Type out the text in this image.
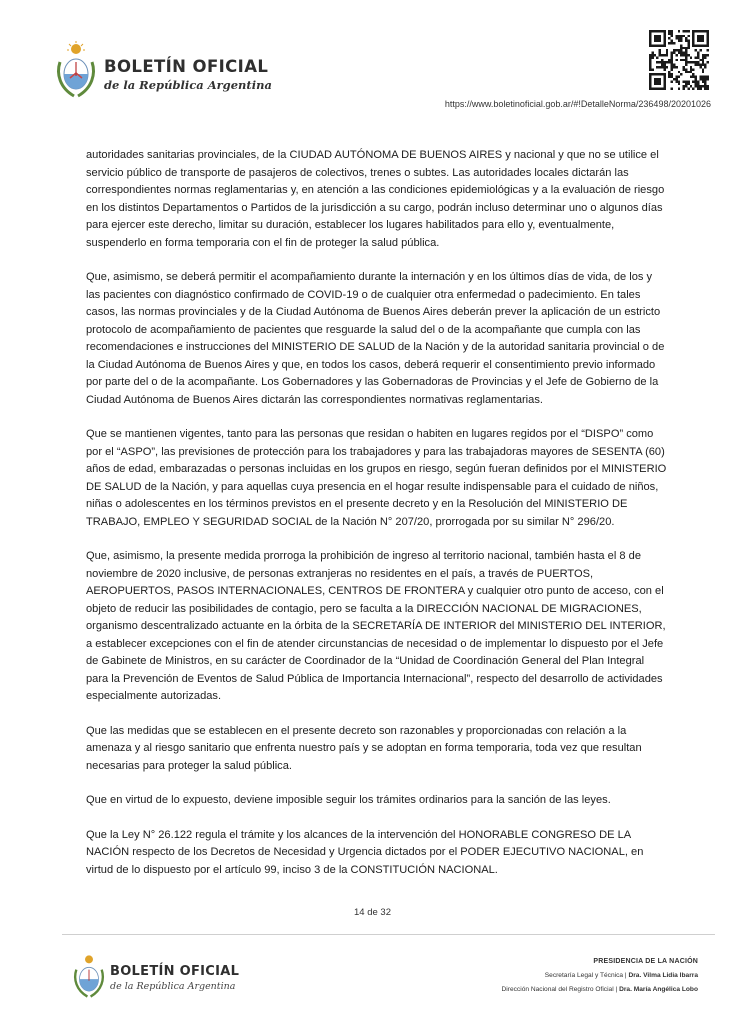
BOLETÍN OFICIAL
de la República Argentina
https://www.boletinoficial.gob.ar/#!DetalleNorma/236498/20201026

autoridades sanitarias provinciales, de la CIUDAD AUTÓNOMA DE BUENOS AIRES y nacional y que no se utilice el servicio público de transporte de pasajeros de colectivos, trenes o subtes. Las autoridades locales dictarán las correspondientes normas reglamentarias y, en atención a las condiciones epidemiológicas y a la evaluación de riesgo en los distintos Departamentos o Partidos de la jurisdicción a su cargo, podrán incluso determinar uno o algunos días para ejercer este derecho, limitar su duración, establecer los lugares habilitados para ello y, eventualmente, suspenderlo en forma temporaria con el fin de proteger la salud pública.

Que, asimismo, se deberá permitir el acompañamiento durante la internación y en los últimos días de vida, de los y las pacientes con diagnóstico confirmado de COVID-19 o de cualquier otra enfermedad o padecimiento. En tales casos, las normas provinciales y de la Ciudad Autónoma de Buenos Aires deberán prever la aplicación de un estricto protocolo de acompañamiento de pacientes que resguarde la salud del o de la acompañante que cumpla con las recomendaciones e instrucciones del MINISTERIO DE SALUD de la Nación y de la autoridad sanitaria provincial o de la Ciudad Autónoma de Buenos Aires y que, en todos los casos, deberá requerir el consentimiento previo informado por parte del o de la acompañante. Los Gobernadores y las Gobernadoras de Provincias y el Jefe de Gobierno de la Ciudad Autónoma de Buenos Aires dictarán las correspondientes normativas reglamentarias.

Que se mantienen vigentes, tanto para las personas que residan o habiten en lugares regidos por el “DISPO” como por el “ASPO”, las previsiones de protección para los trabajadores y para las trabajadoras mayores de SESENTA (60) años de edad, embarazadas o personas incluidas en los grupos en riesgo, según fueran definidos por el MINISTERIO DE SALUD de la Nación, y para aquellas cuya presencia en el hogar resulte indispensable para el cuidado de niños, niñas o adolescentes en los términos previstos en el presente decreto y en la Resolución del MINISTERIO DE TRABAJO, EMPLEO Y SEGURIDAD SOCIAL de la Nación N° 207/20, prorrogada por su similar N° 296/20.

Que, asimismo, la presente medida prorroga la prohibición de ingreso al territorio nacional, también hasta el 8 de noviembre de 2020 inclusive, de personas extranjeras no residentes en el país, a través de PUERTOS, AEROPUERTOS, PASOS INTERNACIONALES, CENTROS DE FRONTERA y cualquier otro punto de acceso, con el objeto de reducir las posibilidades de contagio, pero se faculta a la DIRECCIÓN NACIONAL DE MIGRACIONES, organismo descentralizado actuante en la órbita de la SECRETARÍA DE INTERIOR del MINISTERIO DEL INTERIOR, a establecer excepciones con el fin de atender circunstancias de necesidad o de implementar lo dispuesto por el Jefe de Gabinete de Ministros, en su carácter de Coordinador de la “Unidad de Coordinación General del Plan Integral para la Prevención de Eventos de Salud Pública de Importancia Internacional”, respecto del desarrollo de actividades especialmente autorizadas.

Que las medidas que se establecen en el presente decreto son razonables y proporcionadas con relación a la amenaza y al riesgo sanitario que enfrenta nuestro país y se adoptan en forma temporaria, toda vez que resultan necesarias para proteger la salud pública.

Que en virtud de lo expuesto, deviene imposible seguir los trámites ordinarios para la sanción de las leyes.

Que la Ley N° 26.122 regula el trámite y los alcances de la intervención del HONORABLE CONGRESO DE LA NACIÓN respecto de los Decretos de Necesidad y Urgencia dictados por el PODER EJECUTIVO NACIONAL, en virtud de lo dispuesto por el artículo 99, inciso 3 de la CONSTITUCIÓN NACIONAL.

14 de 32
BOLETÍN OFICIAL
de la República Argentina
PRESIDENCIA DE LA NACIÓN
Secretaría Legal y Técnica | Dra. Vilma Lidia Ibarra
Dirección Nacional del Registro Oficial | Dra. María Angélica Lobo
